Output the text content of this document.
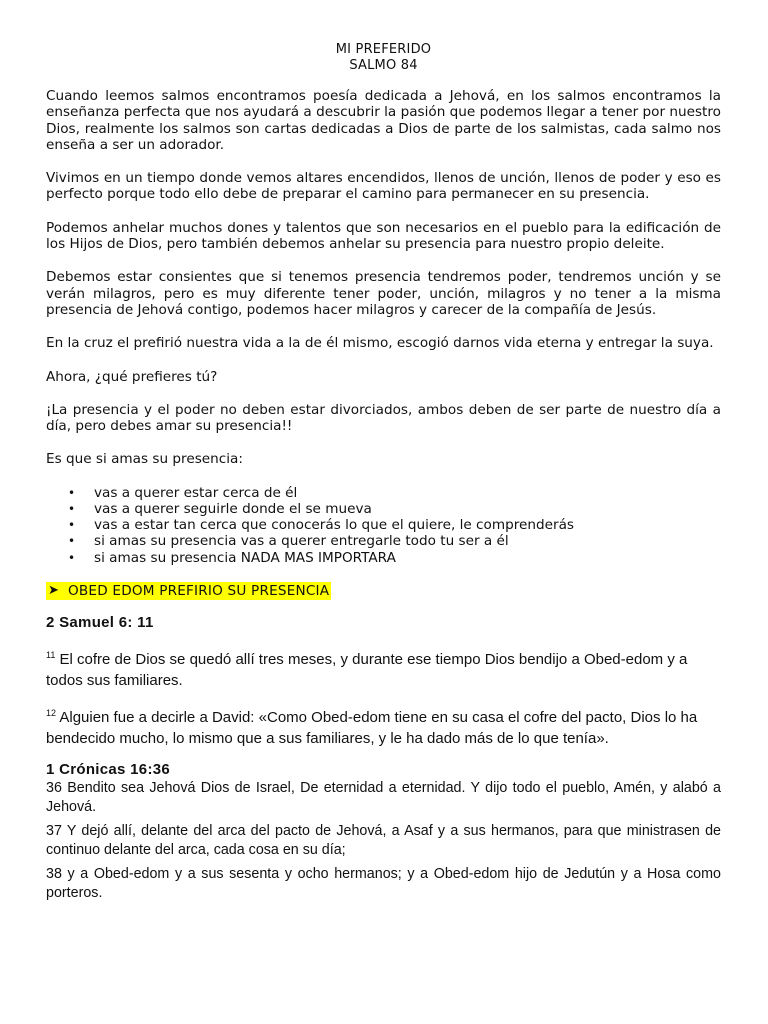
MI PREFERIDO
SALMO 84

Cuando leemos salmos encontramos poesía dedicada a Jehová, en los salmos encontramos la enseñanza perfecta que nos ayudará a descubrir la pasión que podemos llegar a tener por nuestro Dios, realmente los salmos son cartas dedicadas a Dios de parte de los salmistas, cada salmo nos enseña a ser un adorador.

Vivimos en un tiempo donde vemos altares encendidos, llenos de unción, llenos de poder y eso es perfecto porque todo ello debe de preparar el camino para permanecer en su presencia.

Podemos anhelar muchos dones y talentos que son necesarios en el pueblo para la edificación de los Hijos de Dios, pero también debemos anhelar su presencia para nuestro propio deleite.

Debemos estar consientes que si tenemos presencia tendremos poder, tendremos unción y se verán milagros, pero es muy diferente tener poder, unción, milagros y no tener a la misma presencia de Jehová contigo, podemos hacer milagros y carecer de la compañía de Jesús.

En la cruz el prefirió nuestra vida a la de él mismo, escogió darnos vida eterna y entregar la suya.

Ahora, ¿qué prefieres tú?

¡La presencia y el poder no deben estar divorciados, ambos deben de ser parte de nuestro día a día, pero debes amar su presencia!!

Es que si amas su presencia:

• vas a querer estar cerca de él
• vas a querer seguirle donde el se mueva
• vas a estar tan cerca que conocerás lo que el quiere, le comprenderás
• si amas su presencia vas a querer entregarle todo tu ser a él
• si amas su presencia NADA MAS IMPORTARA
➤ OBED EDOM PREFIRIO SU PRESENCIA
2 Samuel 6: 11

$^{11}$ El cofre de Dios se quedó allí tres meses, y durante ese tiempo Dios bendijo a Obed-edom y a todos sus familiares.

$^{12}$ Alguien fue a decirle a David: «Como Obed-edom tiene en su casa el cofre del pacto, Dios lo ha bendecido mucho, lo mismo que a sus familiares, y le ha dado más de lo que tenía».

1 Crónicas 16:36

36 Bendito sea Jehová Dios de Israel, De eternidad a eternidad. Y dijo todo el pueblo, Amén, y alabó a Jehová.

37 Y dejó allí, delante del arca del pacto de Jehová, a Asaf y a sus hermanos, para que ministrasen de continuo delante del arca, cada cosa en su día;

38 y a Obed-edom y a sus sesenta y ocho hermanos; y a Obed-edom hijo de Jedutún y a Hosa como porteros.
